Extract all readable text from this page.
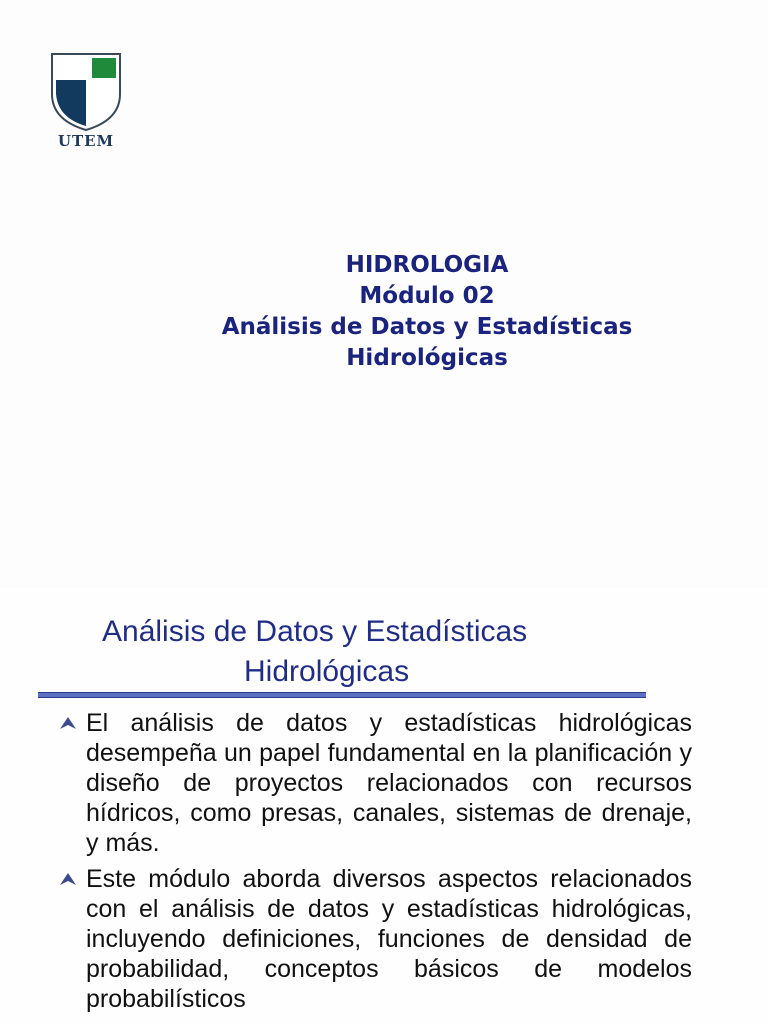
UTEM
HIDROLOGIA
Módulo 02
Análisis de Datos y Estadísticas
Hidrológicas
Análisis de Datos y Estadísticas
Hidrológicas
El análisis de datos y estadísticas hidrológicas desempeña un papel fundamental en la planificación y diseño de proyectos relacionados con recursos hídricos, como presas, canales, sistemas de drenaje, y más.
Este módulo aborda diversos aspectos relacionados con el análisis de datos y estadísticas hidrológicas, incluyendo definiciones, funciones de densidad de probabilidad, conceptos básicos de modelos probabilísticos
